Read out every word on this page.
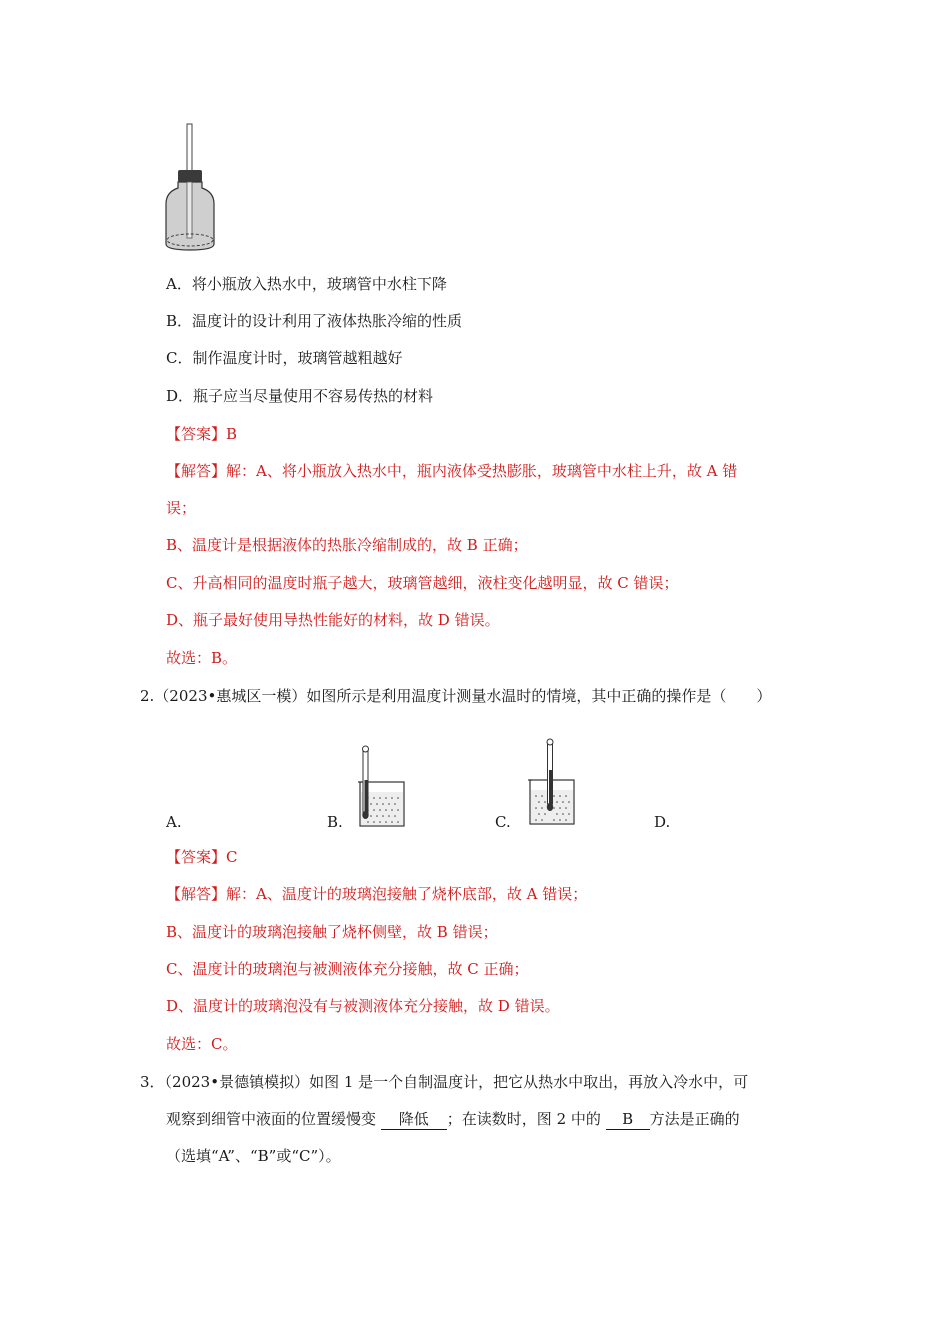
A．将小瓶放入热水中，玻璃管中水柱下降
B．温度计的设计利用了液体热胀冷缩的性质
C．制作温度计时，玻璃管越粗越好
D．瓶子应当尽量使用不容易传热的材料
【答案】B
【解答】解：A、将小瓶放入热水中，瓶内液体受热膨胀，玻璃管中水柱上升，故 A 错
误；
B、温度计是根据液体的热胀冷缩制成的，故 B 正确；
C、升高相同的温度时瓶子越大，玻璃管越细，液柱变化越明显，故 C 错误；
D、瓶子最好使用导热性能好的材料，故 D 错误。
故选：B。
2.（2023•惠城区一模）如图所示是利用温度计测量水温时的情境，其中正确的操作是（　　）
A.	B.	C.	D.
【答案】C
【解答】解：A、温度计的玻璃泡接触了烧杯底部，故 A 错误；
B、温度计的玻璃泡接触了烧杯侧壁，故 B 错误；
C、温度计的玻璃泡与被测液体充分接触，故 C 正确；
D、温度计的玻璃泡没有与被测液体充分接触，故 D 错误。
故选：C。
3．（2023•景德镇模拟）如图 1 是一个自制温度计，把它从热水中取出，再放入冷水中，可
观察到细管中液面的位置缓慢变 降低 ；在读数时，图 2 中的 B 方法是正确的
（选填“A”、“B”或“C”）。
